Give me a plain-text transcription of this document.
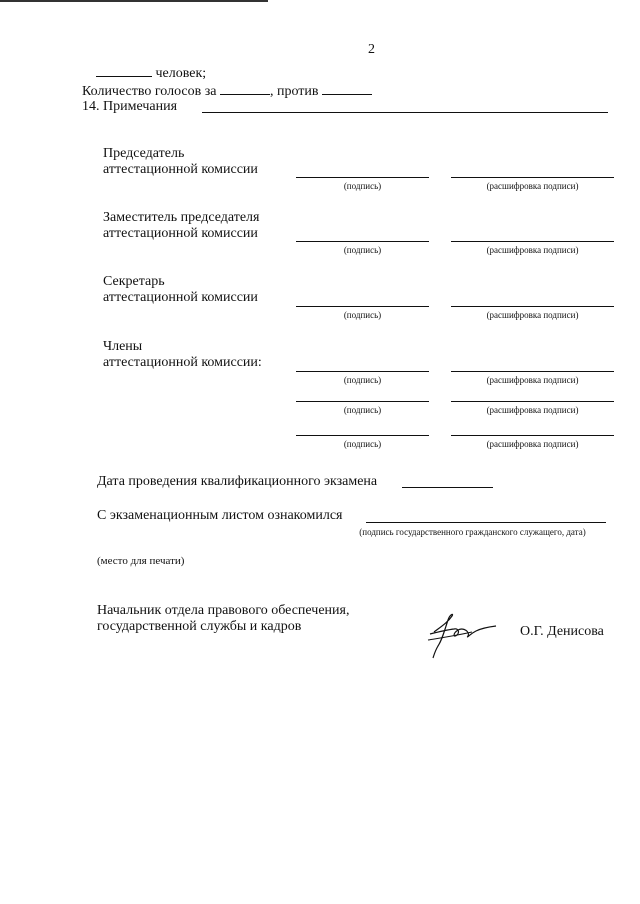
2
человек;
Количество голосов за	, против
14. Примечания
Председатель
аттестационной комиссии
(подпись)	(расшифровка подписи)
Заместитель председателя
аттестационной комиссии
(подпись)	(расшифровка подписи)
Секретарь
аттестационной комиссии
(подпись)	(расшифровка подписи)
Члены
аттестационной комиссии:
(подпись)	(расшифровка подписи)
(подпись)	(расшифровка подписи)
(подпись)	(расшифровка подписи)
Дата проведения квалификационного экзамена
С экзаменационным листом ознакомился
(подпись государственного гражданского служащего, дата)
(место для печати)
Начальник отдела правового обеспечения,
государственной службы и кадров	О.Г. Денисова
